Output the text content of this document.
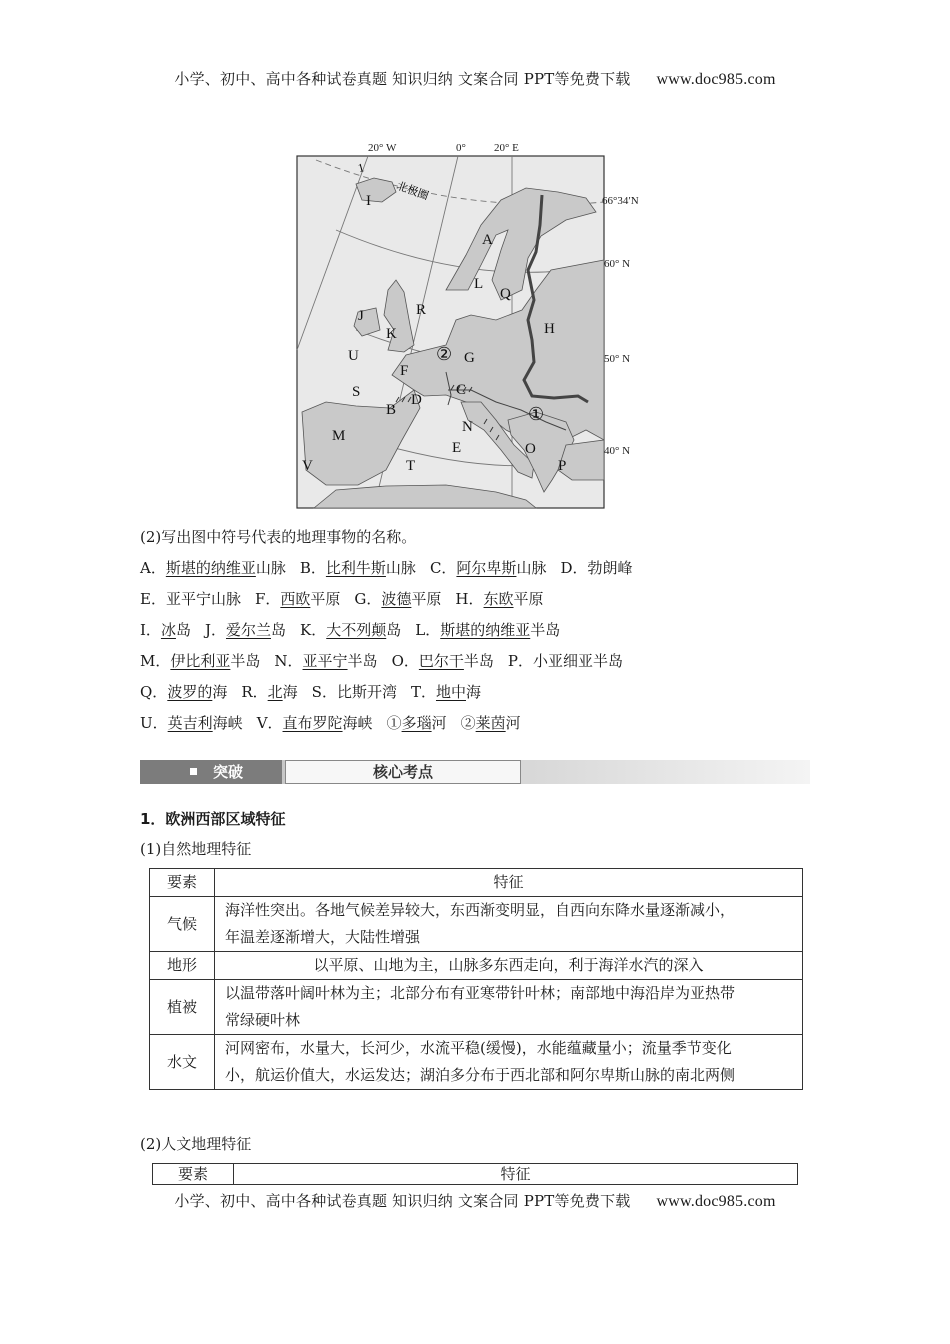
小学、初中、高中各种试卷真题 知识归纳 文案合同 PPT等免费下载 www.doc985.com
20° W	0°	20° E
1
66°34′N
60° N
50° N
40° N
北极圈
A
B
C
D
E
F
G
H
I
J
K
L
M
N
O
P
Q
R
S
T
U
V
①
②
(2)写出图中符号代表的地理事物的名称。
A．斯堪的纳维亚山脉 B．比利牛斯山脉 C．阿尔卑斯山脉 D．勃朗峰
E．亚平宁山脉 F．西欧平原 G．波德平原 H．东欧平原
I．冰岛 J．爱尔兰岛 K．大不列颠岛 L．斯堪的纳维亚半岛
M．伊比利亚半岛 N．亚平宁半岛 O．巴尔干半岛 P．小亚细亚半岛
Q．波罗的海 R．北海 S．比斯开湾 T．地中海
U．英吉利海峡 V．直布罗陀海峡 ①多瑙河 ②莱茵河
突破	核心考点
1．欧洲西部区域特征
(1)自然地理特征
要素	特征
气候	海洋性突出。各地气候差异较大，东西渐变明显，自西向东降水量逐渐减小，
年温差逐渐增大，大陆性增强
地形	以平原、山地为主，山脉多东西走向，利于海洋水汽的深入
植被	以温带落叶阔叶林为主；北部分布有亚寒带针叶林；南部地中海沿岸为亚热带
常绿硬叶林
水文	河网密布，水量大，长河少，水流平稳(缓慢)，水能蕴藏量小；流量季节变化
小，航运价值大，水运发达；湖泊多分布于西北部和阿尔卑斯山脉的南北两侧
(2)人文地理特征
要素	特征
小学、初中、高中各种试卷真题 知识归纳 文案合同 PPT等免费下载 www.doc985.com
